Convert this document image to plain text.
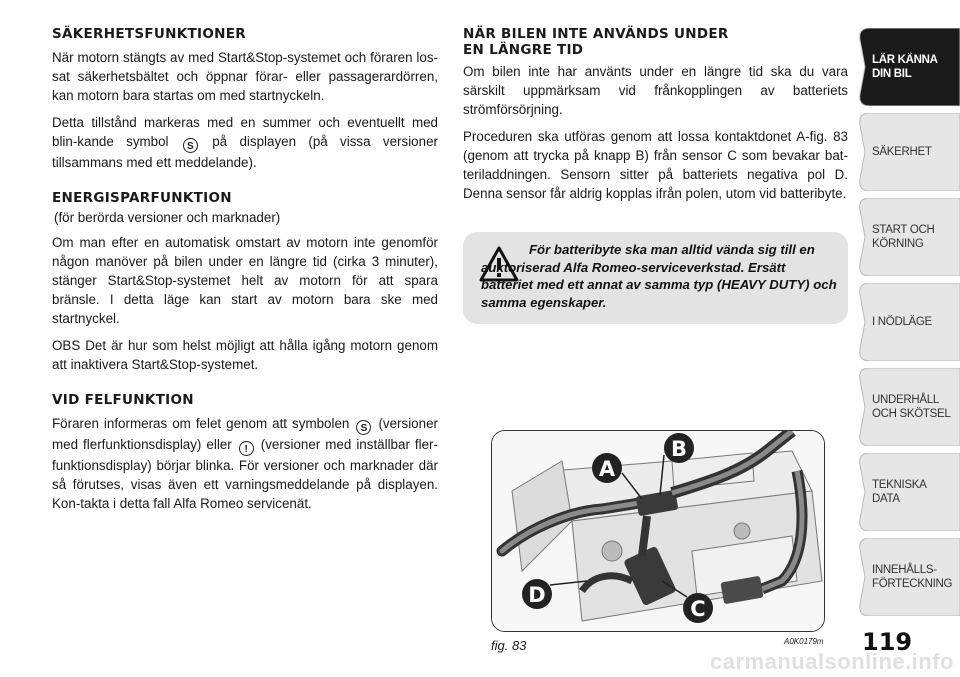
SÄKERHETSFUNKTIONER

När motorn stängts av med Start&Stop-systemet och föraren los-sat säkerhetsbältet och öppnar förar- eller passagerardörren, kan motorn bara startas om med startnyckeln.

Detta tillstånd markeras med en summer och eventuellt med blin-kande symbol S på displayen (på vissa versioner tillsammans med ett meddelande).

ENERGISPARFUNKTION
(för berörda versioner och marknader)

Om man efter en automatisk omstart av motorn inte genomför någon manöver på bilen under en längre tid (cirka 3 minuter), stänger Start&Stop-systemet helt av motorn för att spara bränsle. I detta läge kan start av motorn bara ske med startnyckel.

OBS Det är hur som helst möjligt att hålla igång motorn genom att inaktivera Start&Stop-systemet.

VID FELFUNKTION

Föraren informeras om felet genom att symbolen S (versioner med flerfunktionsdisplay) eller ! (versioner med inställbar fler-funktionsdisplay) börjar blinka. För versioner och marknader där så förutses, visas även ett varningsmeddelande på displayen. Kon-takta i detta fall Alfa Romeo servicenät.

NÄR BILEN INTE ANVÄNDS UNDER
EN LÄNGRE TID

Om bilen inte har använts under en längre tid ska du vara särskilt uppmärksam vid frånkopplingen av batteriets strömförsörjning.

Proceduren ska utföras genom att lossa kontaktdonet A-fig. 83 (genom att trycka på knapp B) från sensor C som bevakar bat-teriladdningen. Sensorn sitter på batteriets negativa pol D. Denna sensor får aldrig kopplas ifrån polen, utom vid batteribyte.

För batteribyte ska man alltid vända sig till en auktoriserad Alfa Romeo-serviceverkstad. Ersätt batteriet med ett annat av samma typ (HEAVY DUTY) och samma egenskaper.

A
B
C
D
fig. 83	A0K0179m 119
LÄR KÄNNA
DIN BIL
SÄKERHET
START OCH
KÖRNING
I NÖDLÄGE
UNDERHÅLL
OCH SKÖTSEL
TEKNISKA DATA
INNEHÅLLS-
FÖRTECKNING
carmanualsonline.info
